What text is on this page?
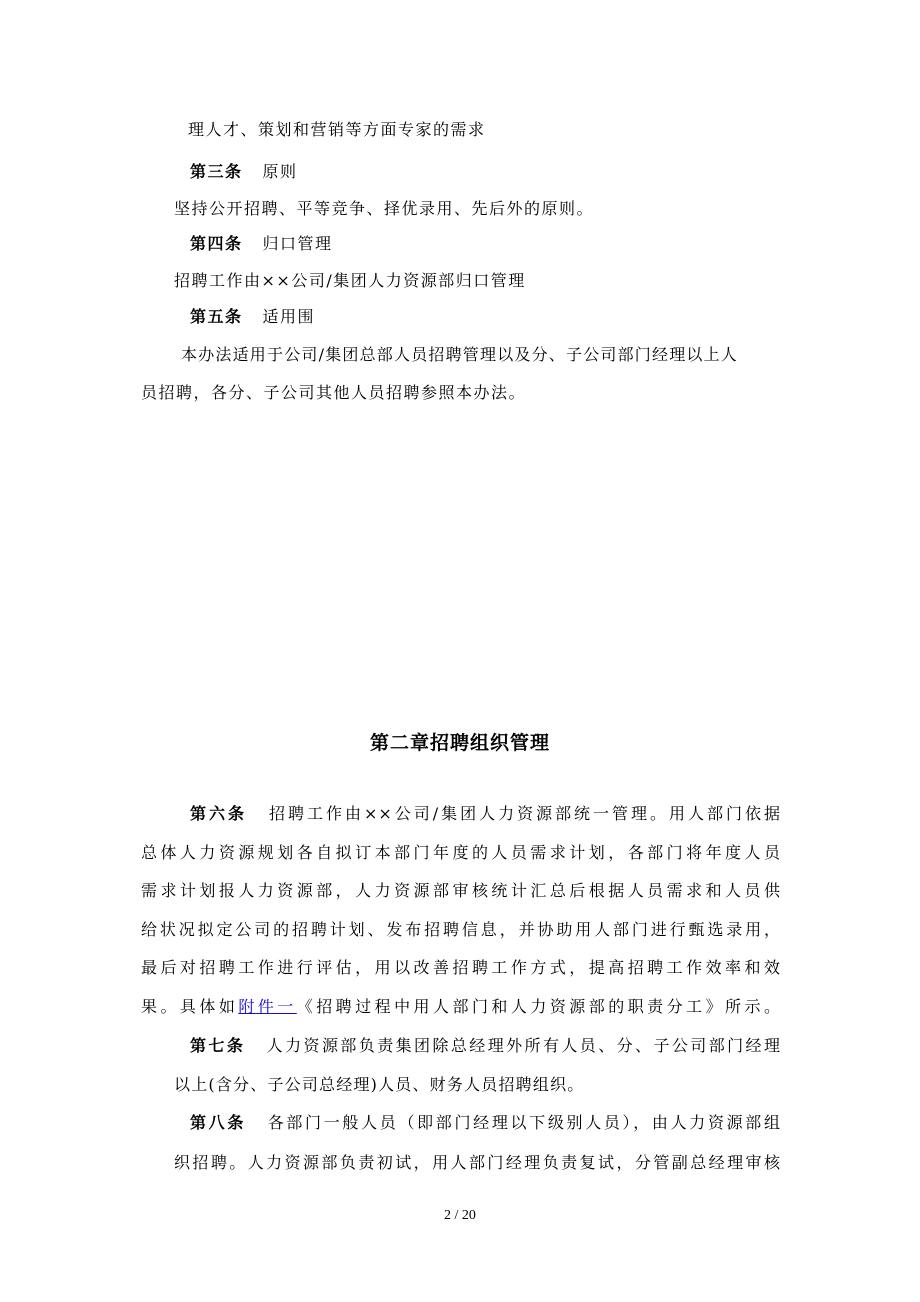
理人才、策划和营销等方面专家的需求
第三条 原则
坚持公开招聘、平等竞争、择优录用、先后外的原则。
第四条 归口管理
招聘工作由××公司/集团人力资源部归口管理
第五条 适用围
本办法适用于公司/集团总部人员招聘管理以及分、子公司部门经理以上人
员招聘，各分、子公司其他人员招聘参照本办法。
第二章招聘组织管理
第六条 招聘工作由××公司/集团人力资源部统一管理。用人部门依据
总体人力资源规划各自拟订本部门年度的人员需求计划，各部门将年度人员
需求计划报人力资源部，人力资源部审核统计汇总后根据人员需求和人员供
给状况拟定公司的招聘计划、发布招聘信息，并协助用人部门进行甄选录用，
最后对招聘工作进行评估，用以改善招聘工作方式，提高招聘工作效率和效
果。具体如附件一《招聘过程中用人部门和人力资源部的职责分工》所示。
第七条 人力资源部负责集团除总经理外所有人员、分、子公司部门经理
以上(含分、子公司总经理)人员、财务人员招聘组织。
第八条 各部门一般人员（即部门经理以下级别人员），由人力资源部组
织招聘。人力资源部负责初试，用人部门经理负责复试，分管副总经理审核
2 / 20
